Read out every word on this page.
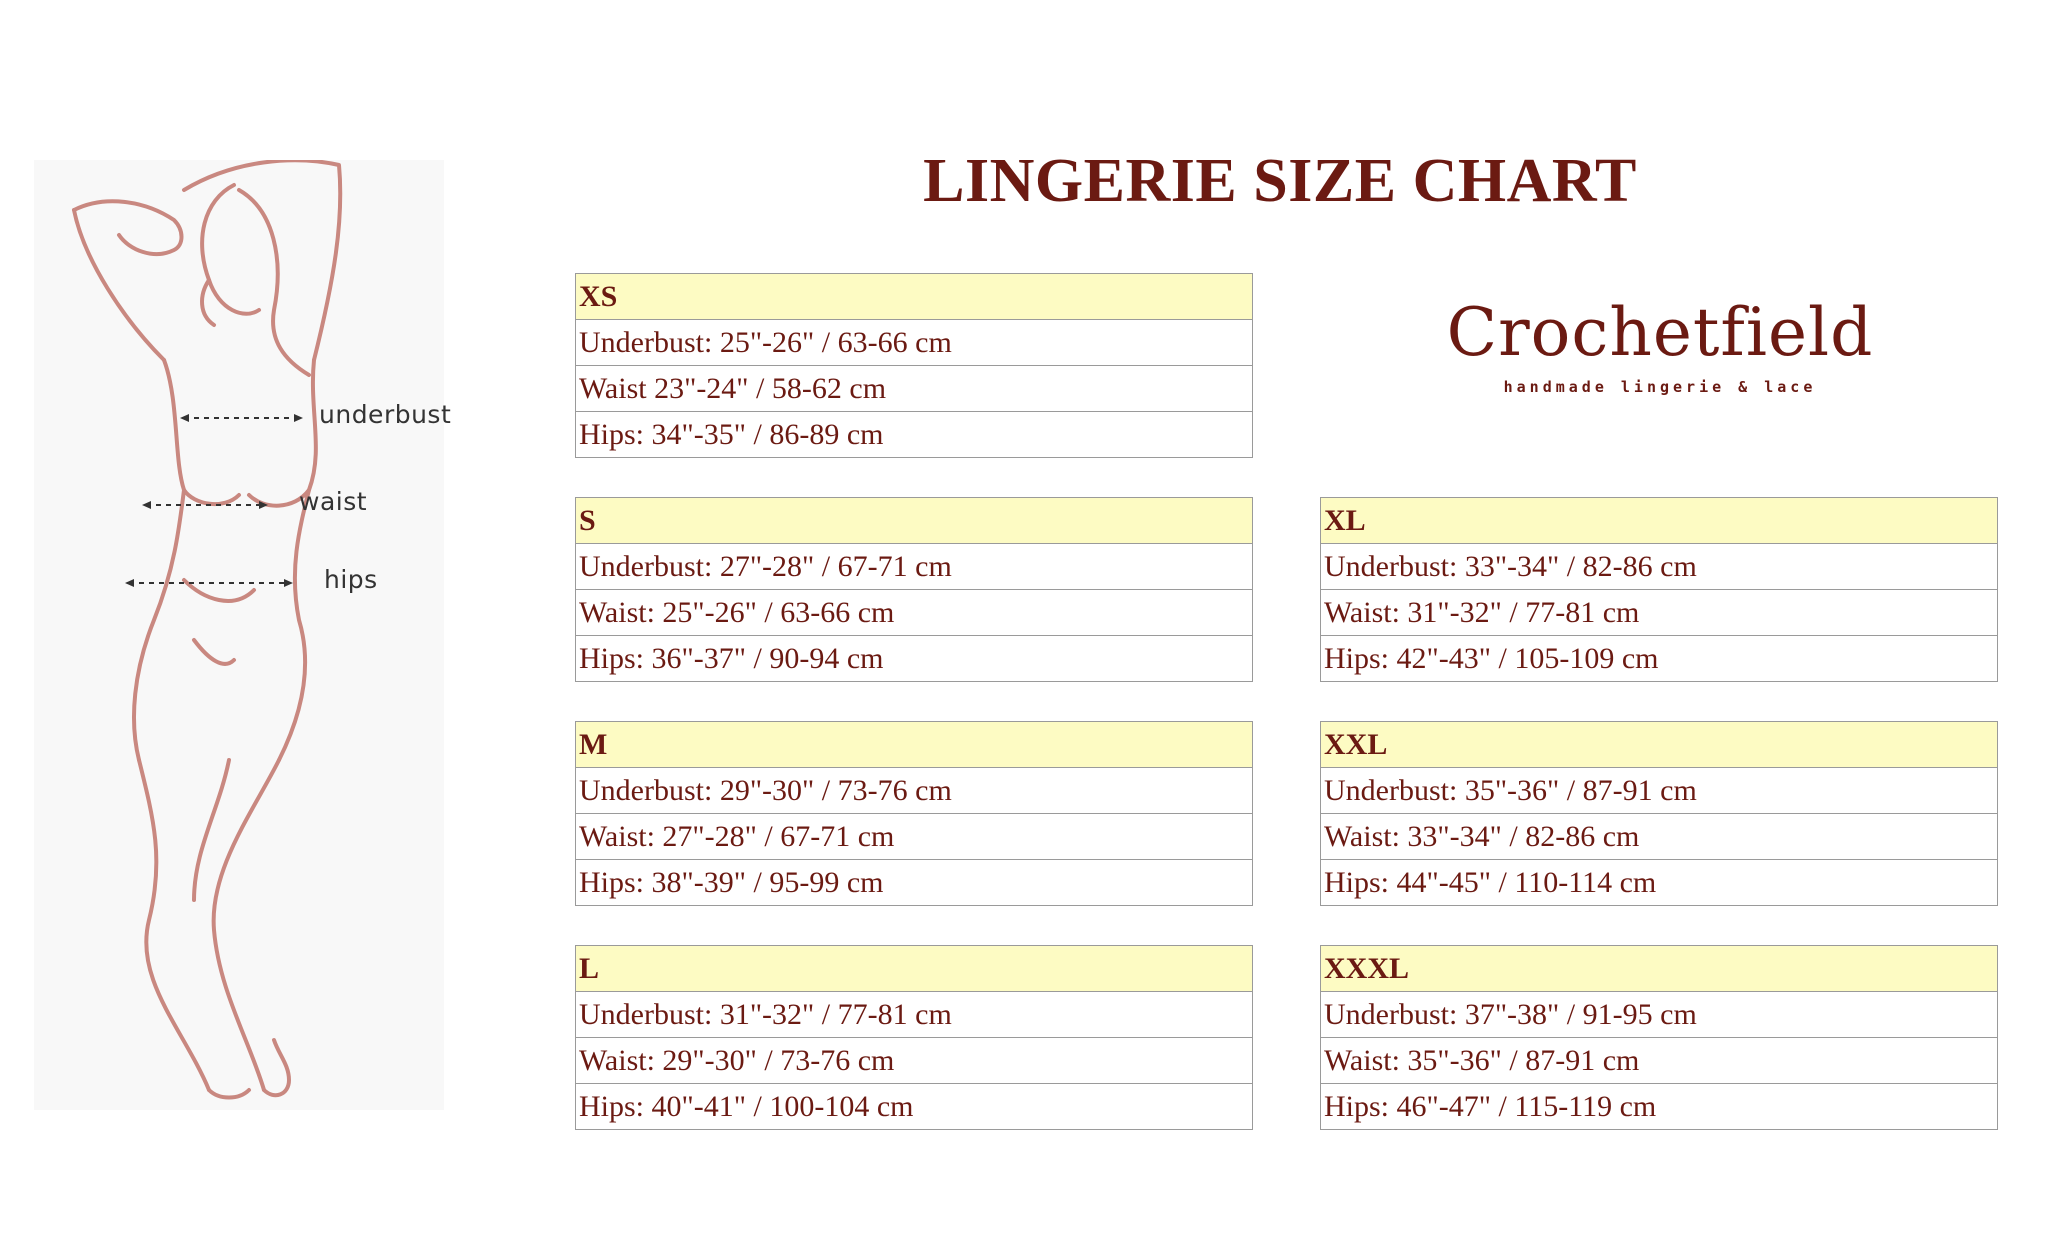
underbust
waist
hips
LINGERIE SIZE CHART
Crochetfield
handmade lingerie & lace
XS
Underbust: 25"-26" / 63-66 cm
Waist 23"-24" / 58-62 cm
Hips: 34"-35" / 86-89 cm
S
Underbust: 27"-28" / 67-71 cm
Waist: 25"-26" / 63-66 cm
Hips: 36"-37" / 90-94 cm
M
Underbust: 29"-30" / 73-76 cm
Waist: 27"-28" / 67-71 cm
Hips: 38"-39" / 95-99 cm
L
Underbust: 31"-32" / 77-81 cm
Waist: 29"-30" / 73-76 cm
Hips: 40"-41" / 100-104 cm
XL
Underbust: 33"-34" / 82-86 cm
Waist: 31"-32" / 77-81 cm
Hips: 42"-43" / 105-109 cm
XXL
Underbust: 35"-36" / 87-91 cm
Waist: 33"-34" / 82-86 cm
Hips: 44"-45" / 110-114 cm
XXXL
Underbust: 37"-38" / 91-95 cm
Waist: 35"-36" / 87-91 cm
Hips: 46"-47" / 115-119 cm
